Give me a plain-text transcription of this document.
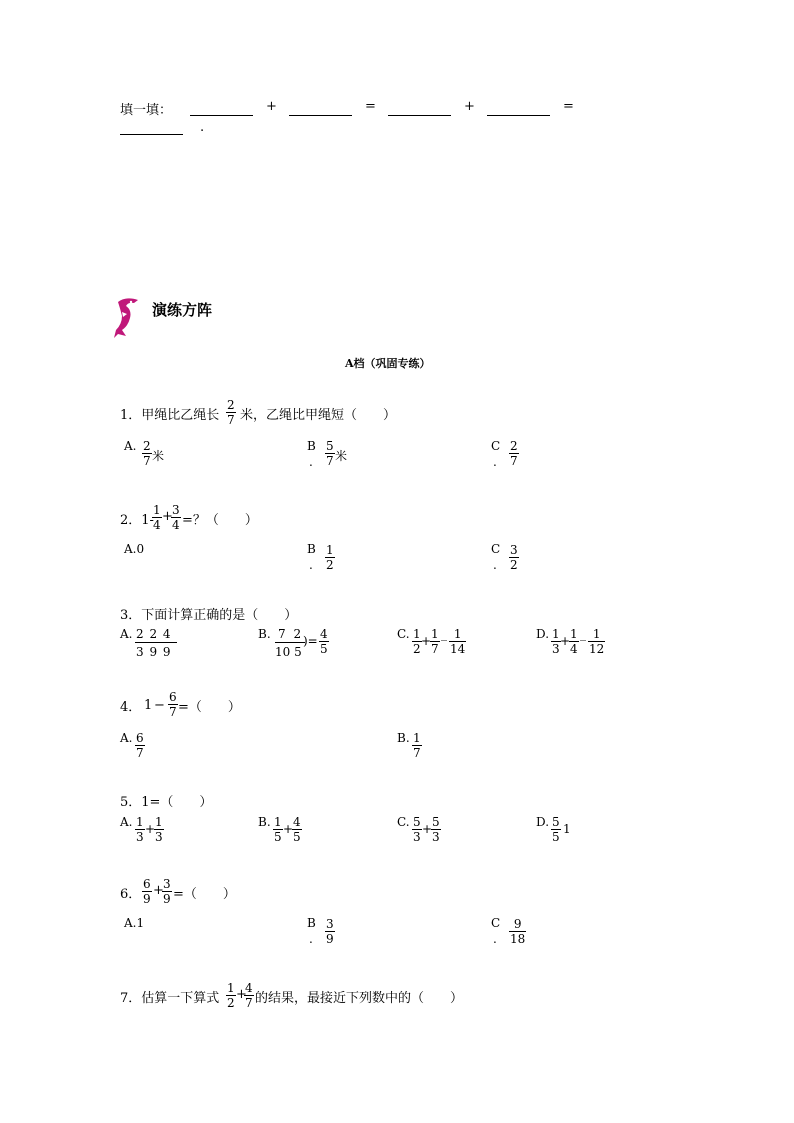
填一填：	+	=	+	=
.
演练方阵
A档（巩固专练）
1．甲绳比乙绳长 $\frac{2}{7}$ 米，乙绳比甲绳短（　　）
A. $\frac{2}{7}$ 米
B
. $\frac{5}{7}$ 米
C
. $\frac{2}{7}$
2．1-
$\frac{1}{4}$ +
$\frac{3}{4}$ =？（　　）
A.0	B
. $\frac{1}{2}$	C
. $\frac{3}{2}$
3．下面计算正确的是（　　）
A. 2 2 4
3 9 9
B. 7 2
10 5
)= $\frac{4}{5}$	C. $\frac{1}{2}$ +
$\frac{1}{7}$ _ $\frac{1}{14}$	D. $\frac{1}{3}$ +
$\frac{1}{4}$ _ $\frac{1}{12}$
4． $1 - \frac{6}{7}$ =（　　）
A. $\frac{6}{7}$	B. $\frac{1}{7}$
5．1=（　　）
A. $\frac{1}{3}$ +
$\frac{1}{3}$	B. $\frac{1}{5}$ +
$\frac{4}{5}$	C. $\frac{5}{3}$ +
$\frac{5}{3}$	D. $\frac{5}{5} 1$
6． $\frac{6}{9}$ +
$\frac{3}{9}$ =（　　）
A.1	B
. $\frac{3}{9}$	C
. $\frac{9}{18}$
7．估算一下算式 $\frac{1}{2}$ +
$\frac{4}{7}$ 的结果，最接近下列数中的（　　）
